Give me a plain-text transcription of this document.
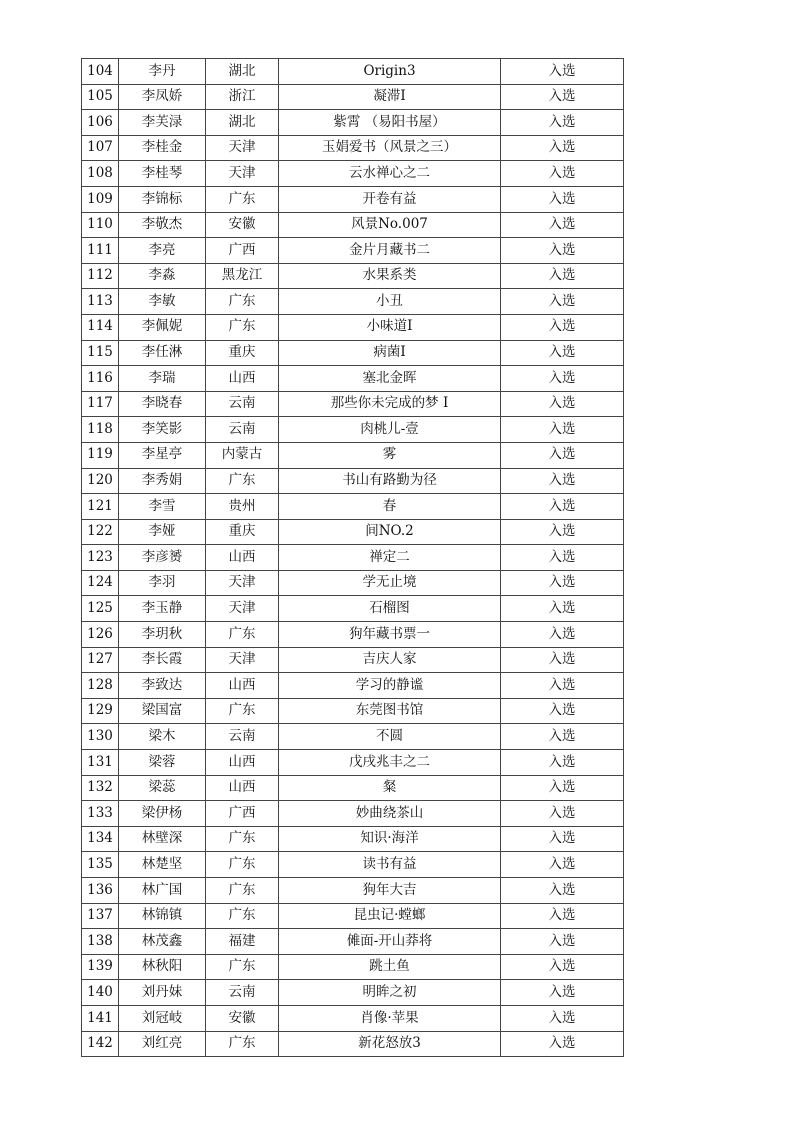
104	李丹	湖北	Origin3	入选
105	李凤娇	浙江	凝滞Ⅰ	入选
106	李芙渌	湖北	紫霄 （易阳书屋）	入选
107	李桂金	天津	玉娟爱书（风景之三）	入选
108	李桂琴	天津	云水禅心之二	入选
109	李锦标	广东	开卷有益	入选
110	李敬杰	安徽	风景No.007	入选
111	李亮	广西	金片月藏书二	入选
112	李淼	黑龙江	水果系类	入选
113	李敏	广东	小丑	入选
114	李佩妮	广东	小味道Ⅰ	入选
115	李任淋	重庆	病菌Ⅰ	入选
116	李瑞	山西	塞北金晖	入选
117	李晓春	云南	那些你未完成的梦 Ⅰ	入选
118	李笑影	云南	肉桃儿-壹	入选
119	李星亭	内蒙古	雾	入选
120	李秀娟	广东	书山有路勤为径	入选
121	李雪	贵州	春	入选
122	李娅	重庆	间NO.2	入选
123	李彦赟	山西	禅定二	入选
124	李羽	天津	学无止境	入选
125	李玉静	天津	石榴图	入选
126	李玥秋	广东	狗年藏书票一	入选
127	李长霞	天津	吉庆人家	入选
128	李致达	山西	学习的静谧	入选
129	梁国富	广东	东莞图书馆	入选
130	梁木	云南	不圆	入选
131	梁蓉	山西	戊戌兆丰之二	入选
132	梁蕊	山西	粲	入选
133	梁伊杨	广西	妙曲绕茶山	入选
134	林壁深	广东	知识·海洋	入选
135	林楚坚	广东	读书有益	入选
136	林广国	广东	狗年大吉	入选
137	林锦镇	广东	昆虫记·螳螂	入选
138	林茂鑫	福建	傩面-开山莽将	入选
139	林秋阳	广东	跳土鱼	入选
140	刘丹妹	云南	明眸之初	入选
141	刘冠岐	安徽	肖像·苹果	入选
142	刘红亮	广东	新花怒放3	入选
